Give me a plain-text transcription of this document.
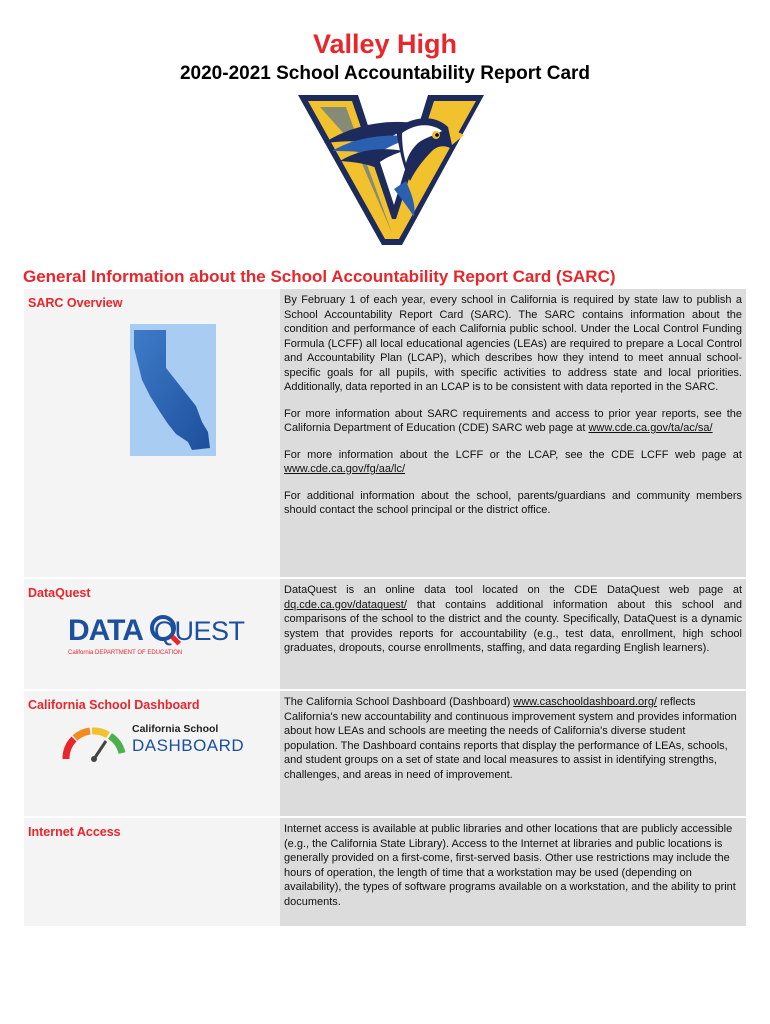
Valley High
2020-2021 School Accountability Report Card
General Information about the School Accountability Report Card (SARC)
SARC Overview	By February 1 of each year, every school in California is required by state law to publish a School Accountability Report Card (SARC). The SARC contains information about the condition and performance of each California public school. Under the Local Control Funding Formula (LCFF) all local educational agencies (LEAs) are required to prepare a Local Control and Accountability Plan (LCAP), which describes how they intend to meet annual school-specific goals for all pupils, with specific activities to address state and local priorities. Additionally, data reported in an LCAP is to be consistent with data reported in the SARC.

For more information about SARC requirements and access to prior year reports, see the California Department of Education (CDE) SARC web page at www.cde.ca.gov/ta/ac/sa/

For more information about the LCFF or the LCAP, see the CDE LCFF web page at www.cde.ca.gov/fg/aa/lc/

For additional information about the school, parents/guardians and community members should contact the school principal or the district office.

DataQuest
DATA QUEST
California DEPARTMENT OF EDUCATION

DataQuest is an online data tool located on the CDE DataQuest web page at dq.cde.ca.gov/dataquest/ that contains additional information about this school and comparisons of the school to the district and the county. Specifically, DataQuest is a dynamic system that provides reports for accountability (e.g., test data, enrollment, high school graduates, dropouts, course enrollments, staffing, and data regarding English learners).

California School Dashboard
California School
DASHBOARD

The California School Dashboard (Dashboard) www.caschooldashboard.org/ reflects California's new accountability and continuous improvement system and provides information about how LEAs and schools are meeting the needs of California's diverse student population. The Dashboard contains reports that display the performance of LEAs, schools, and student groups on a set of state and local measures to assist in identifying strengths, challenges, and areas in need of improvement.

Internet Access	Internet access is available at public libraries and other locations that are publicly accessible (e.g., the California State Library). Access to the Internet at libraries and public locations is generally provided on a first-come, first-served basis. Other use restrictions may include the hours of operation, the length of time that a workstation may be used (depending on availability), the types of software programs available on a workstation, and the ability to print documents.
